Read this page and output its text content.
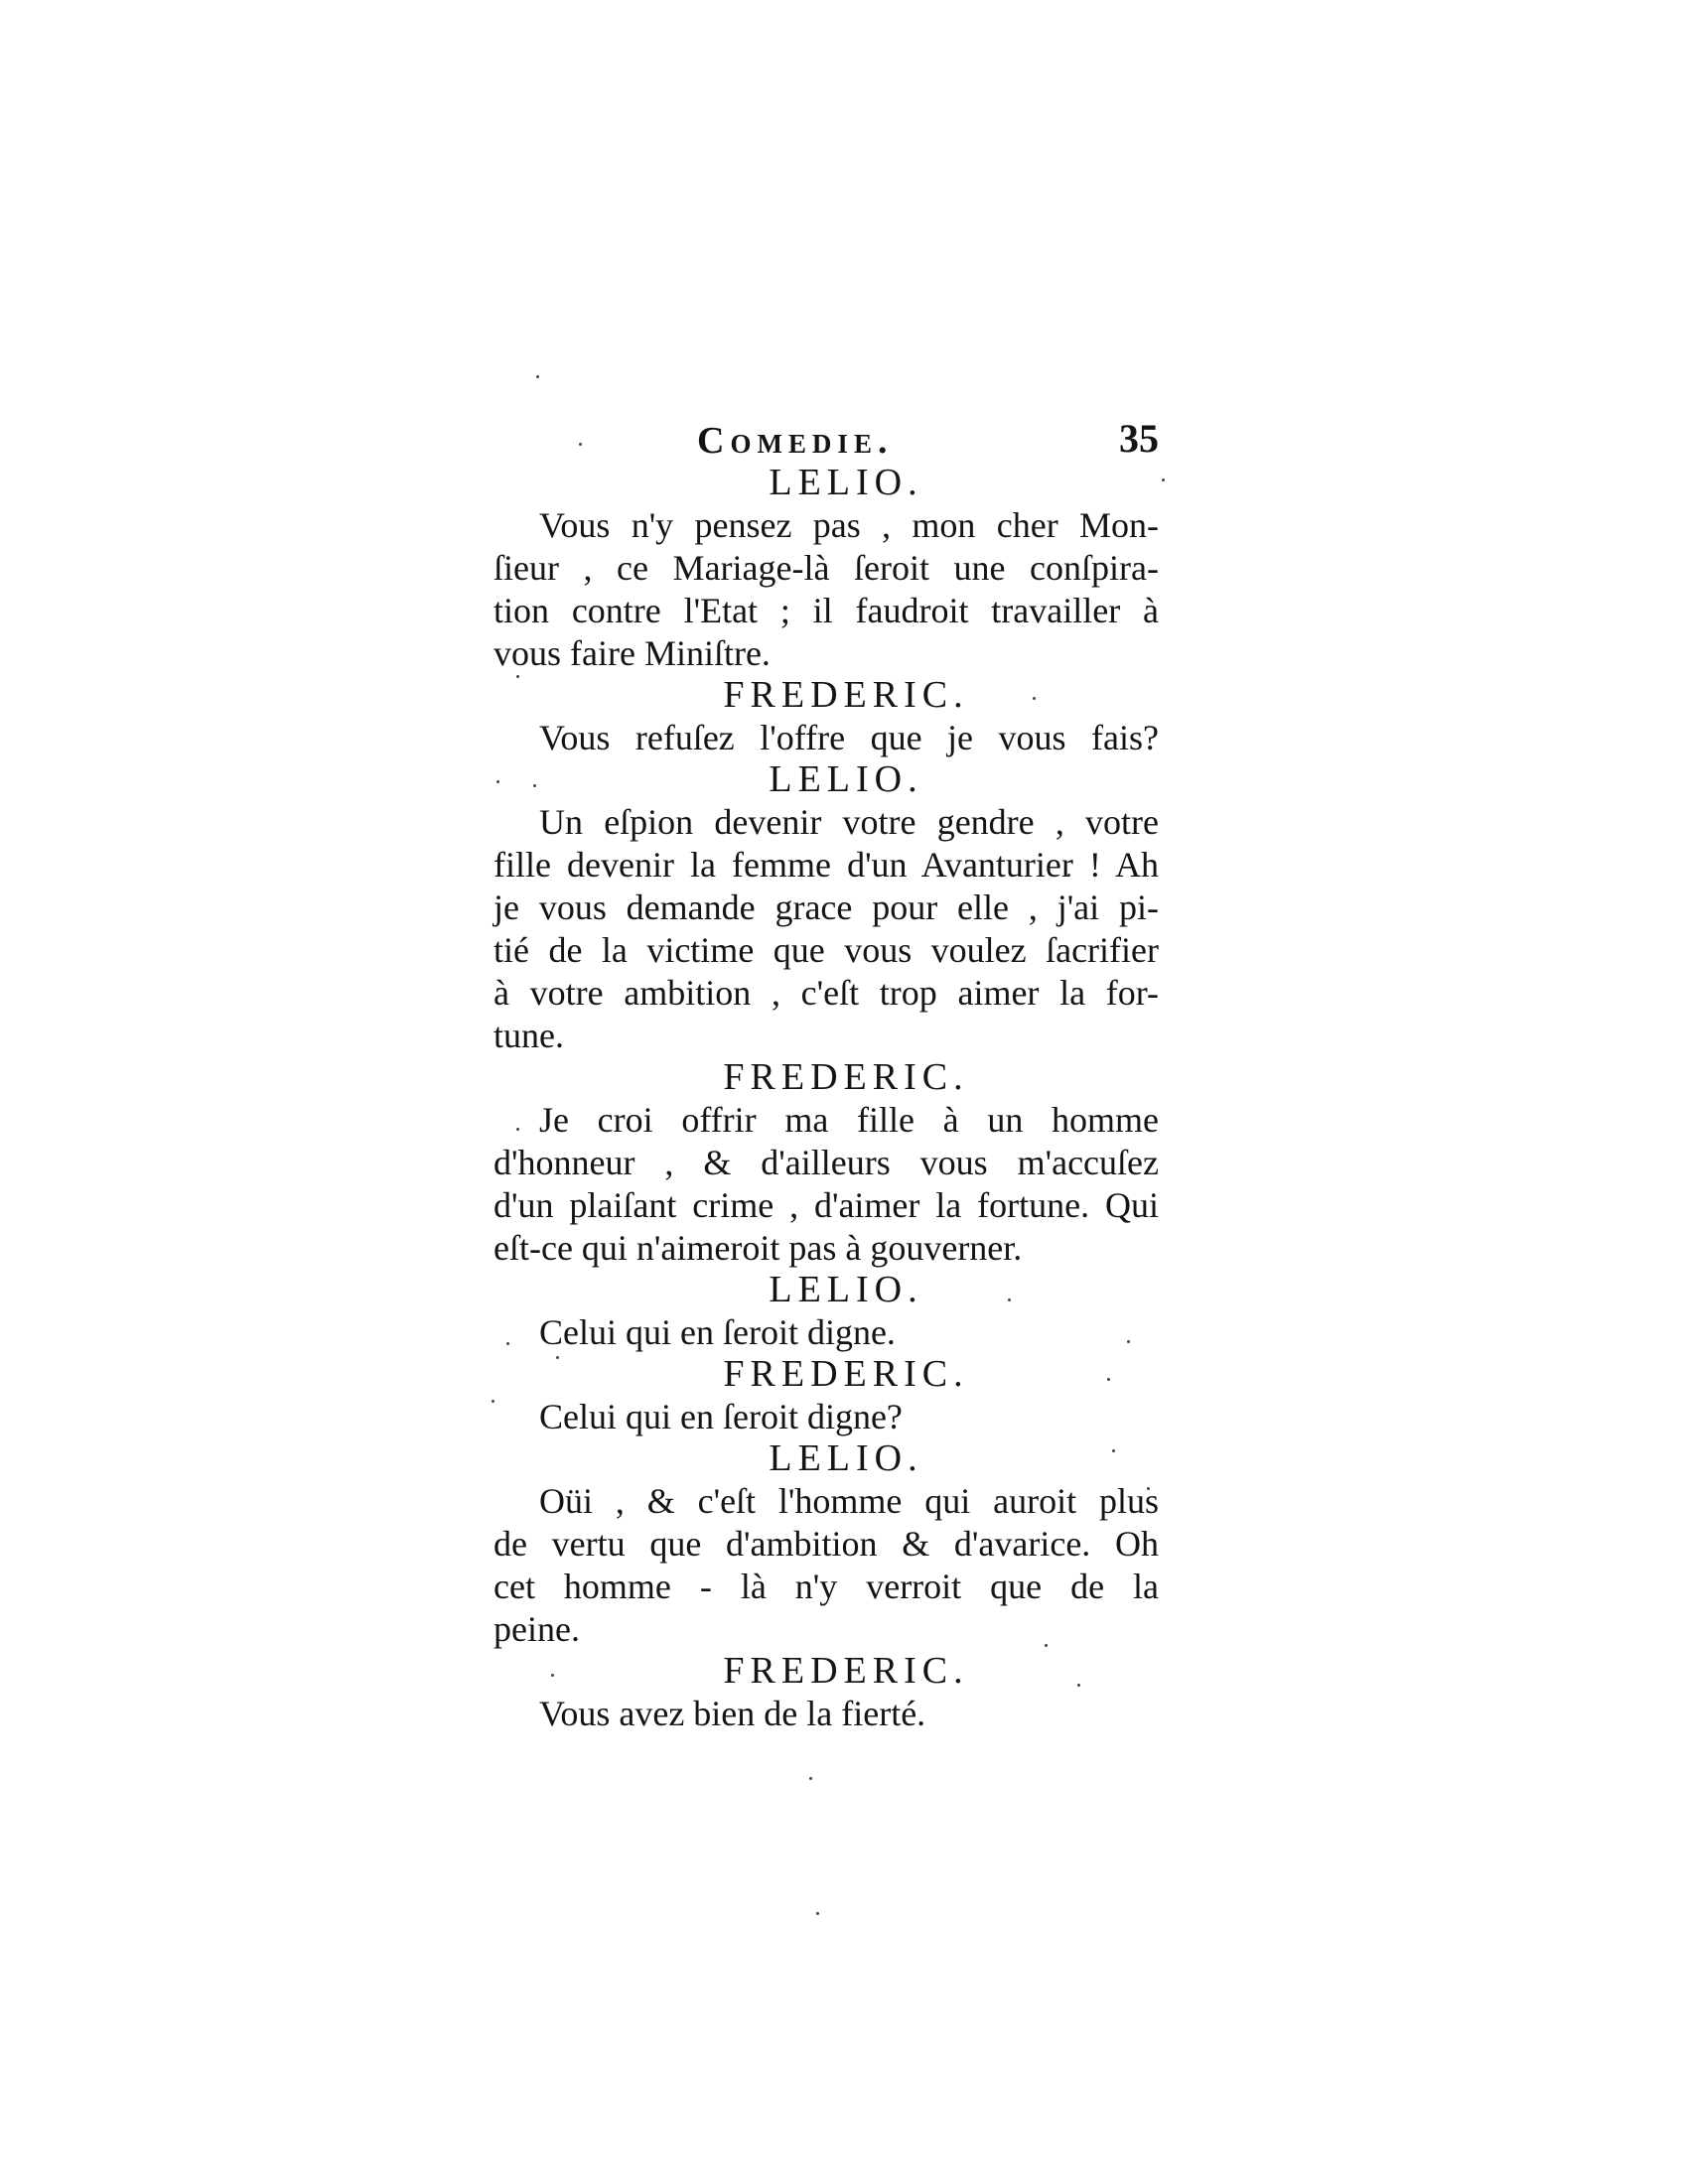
Comedie.	35
LELIO.
Vous n'y pensez pas , mon cher Mon-
ſieur , ce Mariage-là ſeroit une conſpira-
tion contre l'Etat ; il faudroit travailler à
vous faire Miniſtre.
FREDERIC.
Vous refuſez l'offre que je vous fais?
LELIO.
Un eſpion devenir votre gendre , votre
fille devenir la femme d'un Avanturier ! Ah
je vous demande grace pour elle , j'ai pi-
tié de la victime que vous voulez ſacrifier
à votre ambition , c'eſt trop aimer la for-
tune.
FREDERIC.
Je croi offrir ma fille à un homme
d'honneur , & d'ailleurs vous m'accuſez
d'un plaiſant crime , d'aimer la fortune. Qui
eſt-ce qui n'aimeroit pas à gouverner.
LELIO.
Celui qui en ſeroit digne.
FREDERIC.
Celui qui en ſeroit digne?
LELIO.
Oüi , & c'eſt l'homme qui auroit plus
de vertu que d'ambition & d'avarice. Oh
cet homme - là n'y verroit que de la
peine.
FREDERIC.
Vous avez bien de la fierté.
